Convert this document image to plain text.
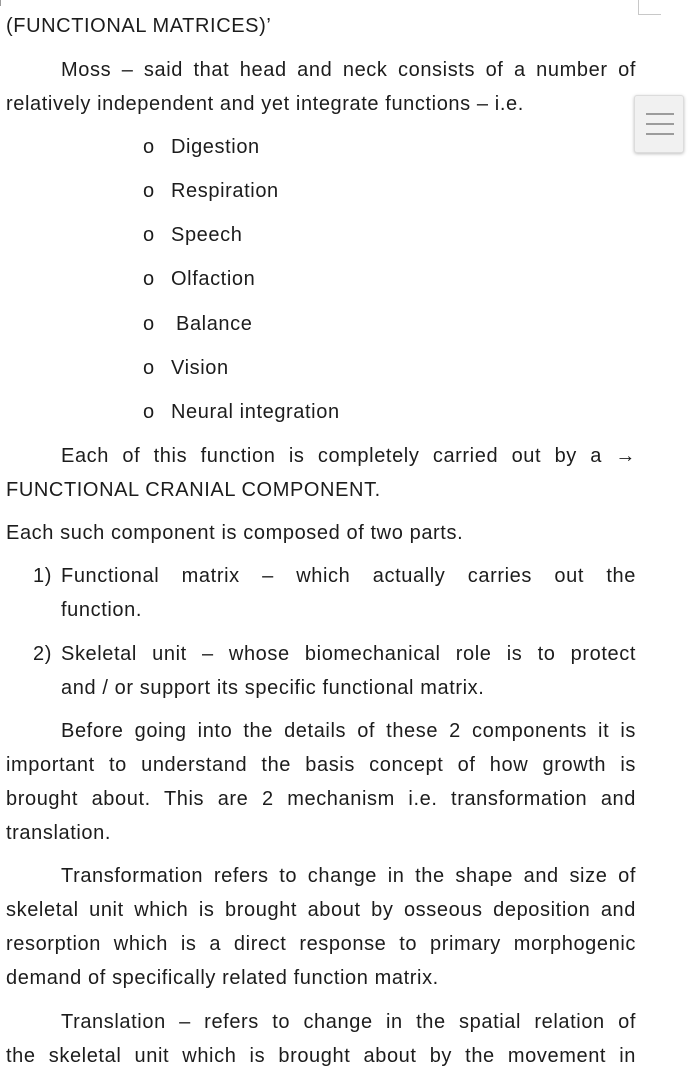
(FUNCTIONAL MATRICES)’
Moss – said that head and neck consists of a number of
relatively independent and yet integrate functions – i.e.
o Digestion
o Respiration
o Speech
o Olfaction
o Balance
o Vision
o Neural integration
Each of this function is completely carried out by a →
FUNCTIONAL CRANIAL COMPONENT.
Each such component is composed of two parts.
1) Functional matrix – which actually carries out the
function.
2) Skeletal unit – whose biomechanical role is to protect
and / or support its specific functional matrix.
Before going into the details of these 2 components it is
important to understand the basis concept of how growth is
brought about. This are 2 mechanism i.e. transformation and
translation.
Transformation refers to change in the shape and size of
skeletal unit which is brought about by osseous deposition and
resorption which is a direct response to primary morphogenic
demand of specifically related function matrix.
Translation – refers to change in the spatial relation of
the skeletal unit which is brought about by the movement in
